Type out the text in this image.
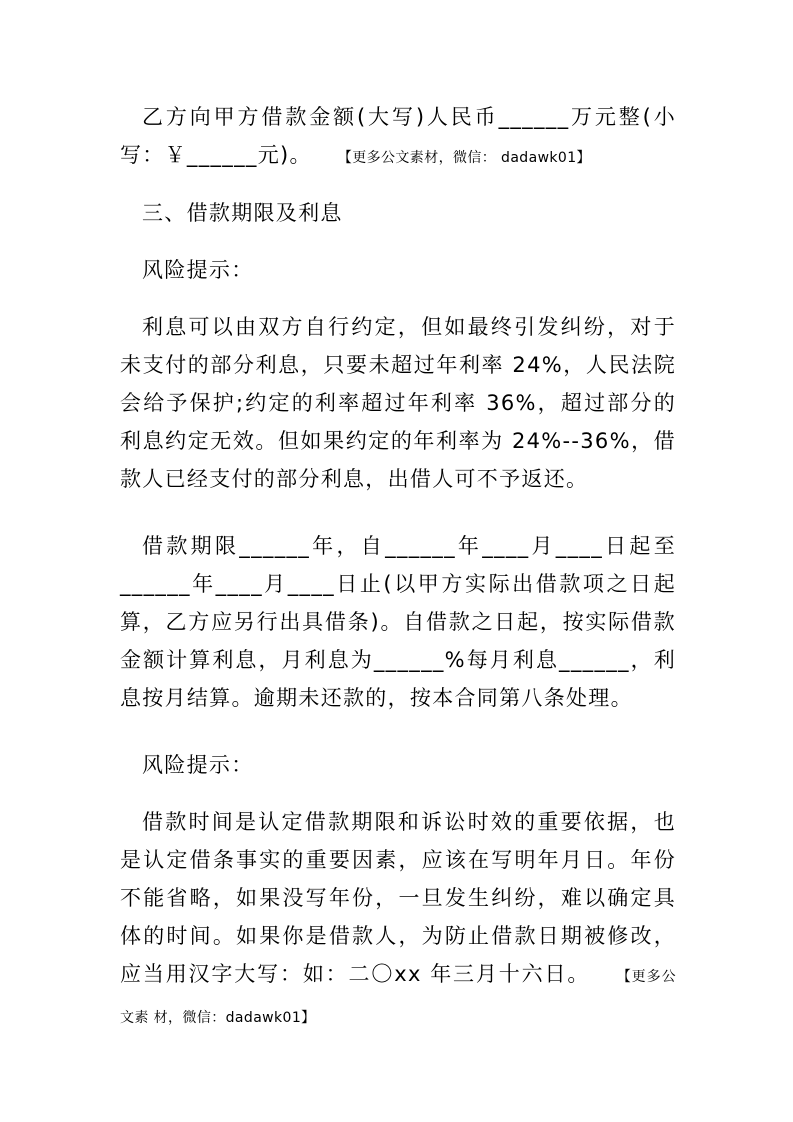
乙方向甲方借款金额(大写)人民币______万元整(小写：￥______元)。 【更多公文素材，微信： dadawk01】

三、借款期限及利息

风险提示：

利息可以由双方自行约定，但如最终引发纠纷，对于未支付的部分利息，只要未超过年利率 24%，人民法院会给予保护;约定的利率超过年利率 36%，超过部分的利息约定无效。但如果约定的年利率为 24%--36%，借款人已经支付的部分利息，出借人可不予返还。

借款期限______年，自______年____月____日起至______年____月____日止(以甲方实际出借款项之日起算，乙方应另行出具借条)。自借款之日起，按实际借款金额计算利息，月利息为______%每月利息______，利息按月结算。逾期未还款的，按本合同第八条处理。

风险提示：

借款时间是认定借款期限和诉讼时效的重要依据，也是认定借条事实的重要因素，应该在写明年月日。年份不能省略，如果没写年份，一旦发生纠纷，难以确定具体的时间。如果你是借款人，为防止借款日期被修改，应当用汉字大写：如：二〇xx 年三月十六日。 【更多公文素 材，微信：dadawk01】
